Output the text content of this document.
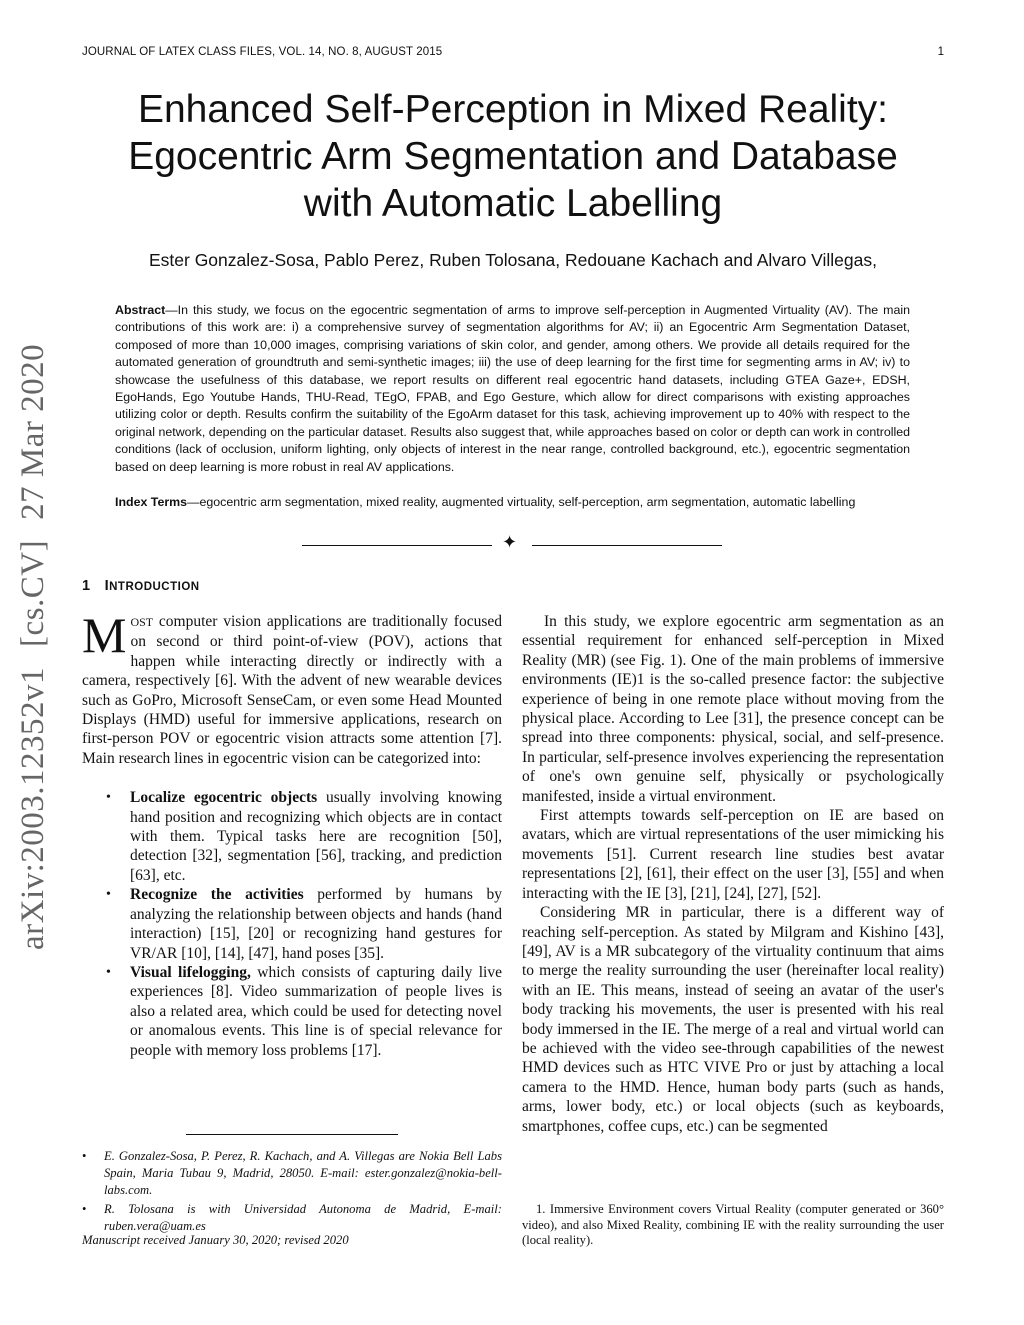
JOURNAL OF LATEX CLASS FILES, VOL. 14, NO. 8, AUGUST 2015	1
Enhanced Self-Perception in Mixed Reality:
Egocentric Arm Segmentation and Database
with Automatic Labelling
Ester Gonzalez-Sosa, Pablo Perez, Ruben Tolosana, Redouane Kachach and Alvaro Villegas,
Abstract—In this study, we focus on the egocentric segmentation of arms to improve self-perception in Augmented Virtuality (AV). The main contributions of this work are: i) a comprehensive survey of segmentation algorithms for AV; ii) an Egocentric Arm Segmentation Dataset, composed of more than 10,000 images, comprising variations of skin color, and gender, among others. We provide all details required for the automated generation of groundtruth and semi-synthetic images; iii) the use of deep learning for the first time for segmenting arms in AV; iv) to showcase the usefulness of this database, we report results on different real egocentric hand datasets, including GTEA Gaze+, EDSH, EgoHands, Ego Youtube Hands, THU-Read, TEgO, FPAB, and Ego Gesture, which allow for direct comparisons with existing approaches utilizing color or depth. Results confirm the suitability of the EgoArm dataset for this task, achieving improvement up to 40% with respect to the original network, depending on the particular dataset. Results also suggest that, while approaches based on color or depth can work in controlled conditions (lack of occlusion, uniform lighting, only objects of interest in the near range, controlled background, etc.), egocentric segmentation based on deep learning is more robust in real AV applications.
Index Terms—egocentric arm segmentation, mixed reality, augmented virtuality, self-perception, arm segmentation, automatic labelling
✦
1 INTRODUCTION

MOST computer vision applications are traditionally focused on second or third point-of-view (POV), actions that happen while interacting directly or indirectly with a camera, respectively [6]. With the advent of new wearable devices such as GoPro, Microsoft SenseCam, or even some Head Mounted Displays (HMD) useful for immersive applications, research on first-person POV or egocentric vision attracts some attention [7]. Main research lines in egocentric vision can be categorized into:

• Localize egocentric objects usually involving knowing hand position and recognizing which objects are in contact with them. Typical tasks here are recognition [50], detection [32], segmentation [56], tracking, and prediction [63], etc.
• Recognize the activities performed by humans by analyzing the relationship between objects and hands (hand interaction) [15], [20] or recognizing hand gestures for VR/AR [10], [14], [47], hand poses [35].
• Visual lifelogging, which consists of capturing daily live experiences [8]. Video summarization of people lives is also a related area, which could be used for detecting novel or anomalous events. This line is of special relevance for people with memory loss problems [17].
• E. Gonzalez-Sosa, P. Perez, R. Kachach, and A. Villegas are Nokia Bell Labs Spain, Maria Tubau 9, Madrid, 28050. E-mail: ester.gonzalez@nokia-bell-labs.com.
• R. Tolosana is with Universidad Autonoma de Madrid, E-mail: ruben.vera@uam.es
Manuscript received January 30, 2020; revised 2020

In this study, we explore egocentric arm segmentation as an essential requirement for enhanced self-perception in Mixed Reality (MR) (see Fig. 1). One of the main problems of immersive environments (IE)1 is the so-called presence factor: the subjective experience of being in one remote place without moving from the physical place. According to Lee [31], the presence concept can be spread into three components: physical, social, and self-presence. In particular, self-presence involves experiencing the representation of one's own genuine self, physically or psychologically manifested, inside a virtual environment.

First attempts towards self-perception on IE are based on avatars, which are virtual representations of the user mimicking his movements [51]. Current research line studies best avatar representations [2], [61], their effect on the user [3], [55] and when interacting with the IE [3], [21], [24], [27], [52].

Considering MR in particular, there is a different way of reaching self-perception. As stated by Milgram and Kishino [43], [49], AV is a MR subcategory of the virtuality continuum that aims to merge the reality surrounding the user (hereinafter local reality) with an IE. This means, instead of seeing an avatar of the user's body tracking his movements, the user is presented with his real body immersed in the IE. The merge of a real and virtual world can be achieved with the video see-through capabilities of the newest HMD devices such as HTC VIVE Pro or just by attaching a local camera to the HMD. Hence, human body parts (such as hands, arms, lower body, etc.) or local objects (such as keyboards, smartphones, coffee cups, etc.) can be segmented

1. Immersive Environment covers Virtual Reality (computer generated or 360° video), and also Mixed Reality, combining IE with the reality surrounding the user (local reality).
arXiv:2003.12352v1[cs.CV]27 Mar 2020
